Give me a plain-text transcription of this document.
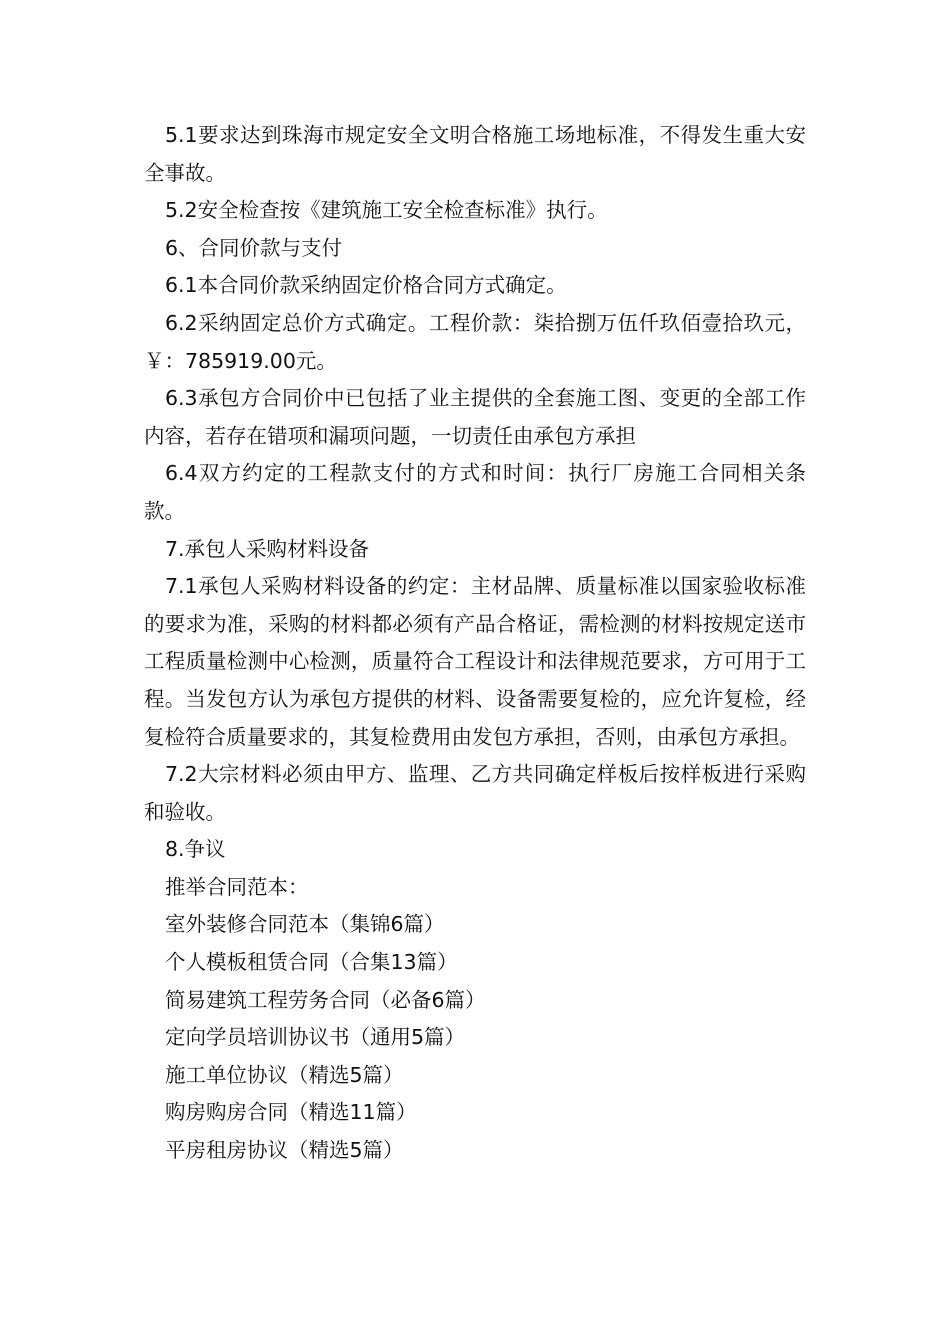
5.1要求达到珠海市规定安全文明合格施工场地标准，不得发生重大安全事故。

5.2安全检查按《建筑施工安全检查标准》执行。

6、合同价款与支付

6.1本合同价款采纳固定价格合同方式确定。

6.2采纳固定总价方式确定。工程价款：柒拾捌万伍仟玖佰壹拾玖元，￥：785919.00元。

6.3承包方合同价中已包括了业主提供的全套施工图、变更的全部工作内容，若存在错项和漏项问题，一切责任由承包方承担

6.4双方约定的工程款支付的方式和时间：执行厂房施工合同相关条款。

7.承包人采购材料设备

7.1承包人采购材料设备的约定：主材品牌、质量标准以国家验收标准的要求为准，采购的材料都必须有产品合格证，需检测的材料按规定送市工程质量检测中心检测，质量符合工程设计和法律规范要求，方可用于工程。当发包方认为承包方提供的材料、设备需要复检的，应允许复检，经复检符合质量要求的，其复检费用由发包方承担，否则，由承包方承担。

7.2大宗材料必须由甲方、监理、乙方共同确定样板后按样板进行采购和验收。

8.争议

推举合同范本：

室外装修合同范本（集锦6篇）

个人模板租赁合同（合集13篇）

简易建筑工程劳务合同（必备6篇）

定向学员培训协议书（通用5篇）

施工单位协议（精选5篇）

购房购房合同（精选11篇）

平房租房协议（精选5篇）
